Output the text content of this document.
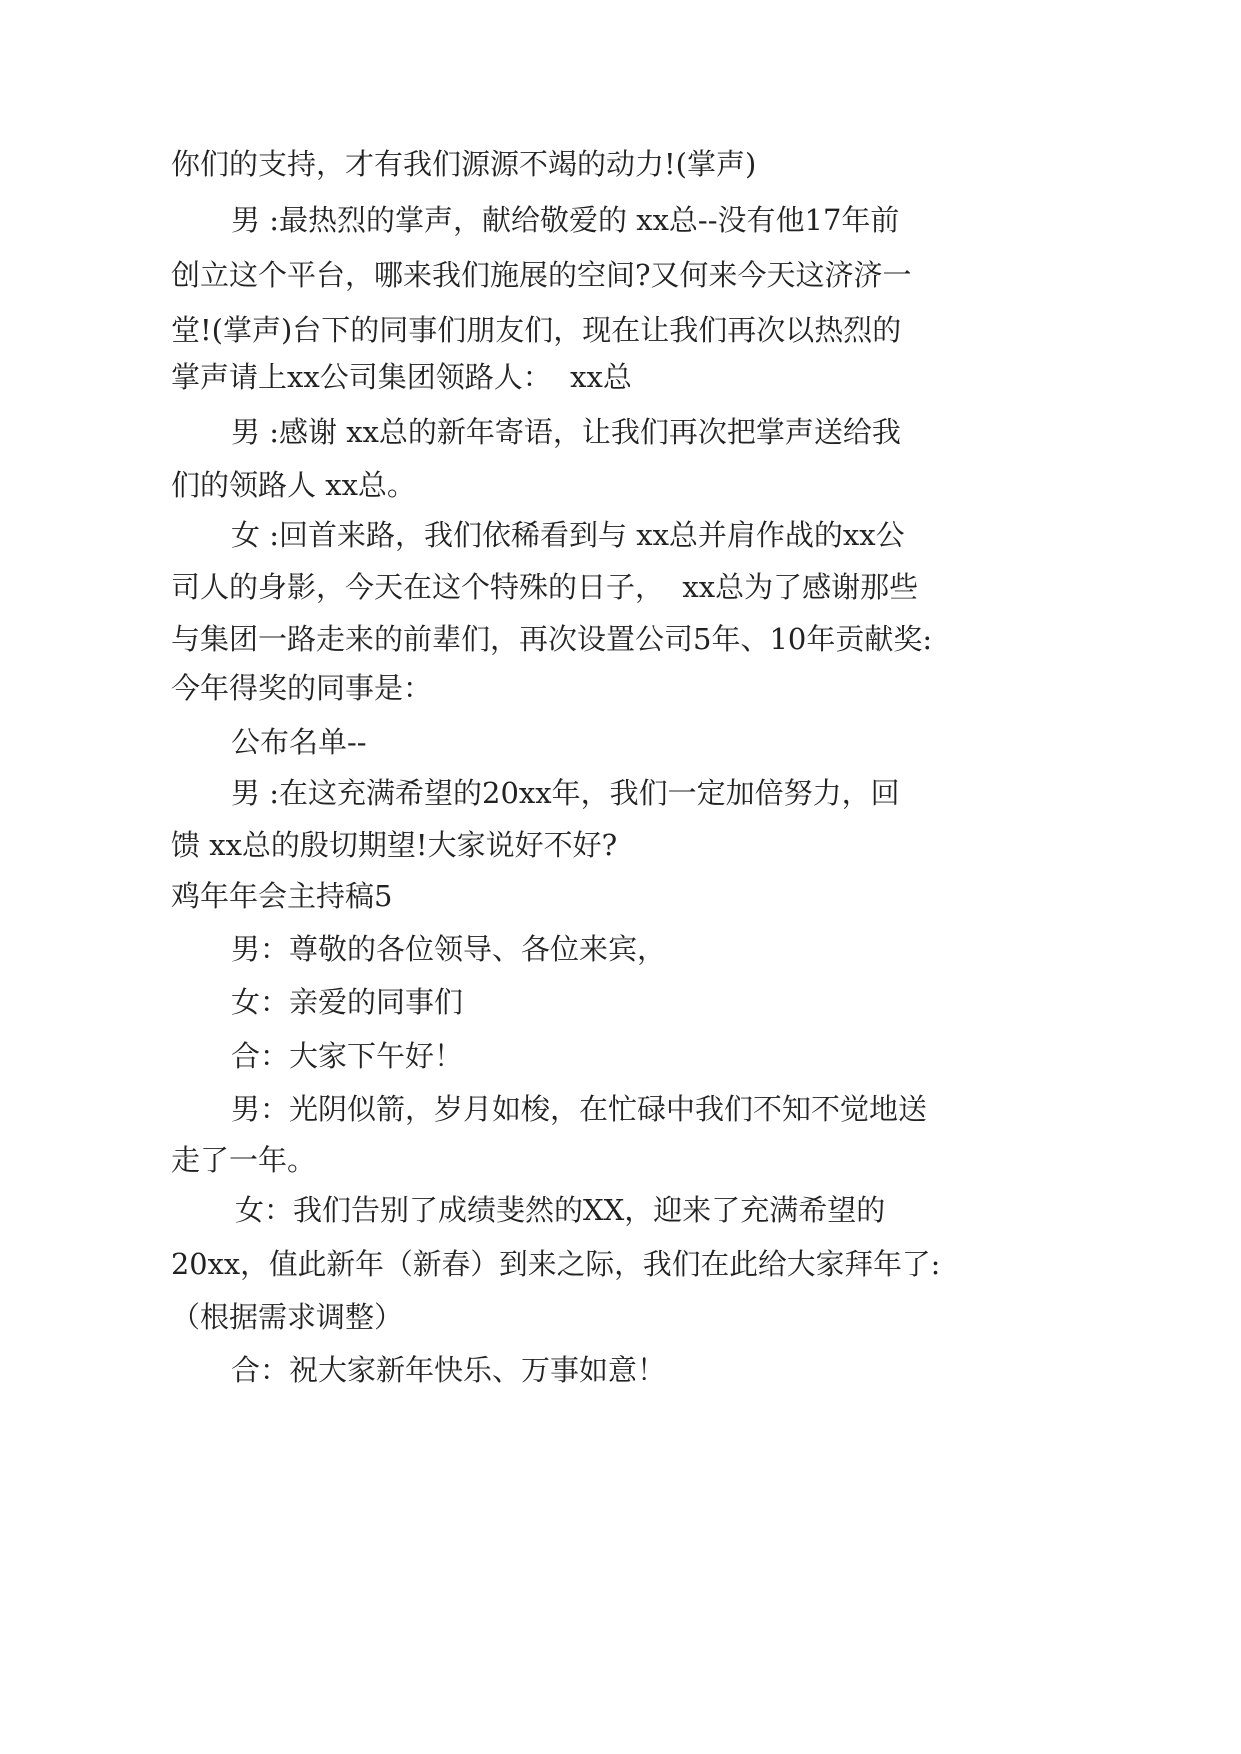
你们的支持，才有我们源源不竭的动力!(掌声)

男 :最热烈的掌声，献给敬爱的 xx总--没有他17年前

创立这个平台，哪来我们施展的空间?又何来今天这济济一

堂!(掌声)台下的同事们朋友们，现在让我们再次以热烈的

掌声请上xx公司集团领路人：  xx总

男 :感谢 xx总的新年寄语，让我们再次把掌声送给我

们的领路人 xx总。

女 :回首来路，我们依稀看到与 xx总并肩作战的xx公

司人的身影，今天在这个特殊的日子，  xx总为了感谢那些

与集团一路走来的前辈们，再次设置公司5年、10年贡献奖:

今年得奖的同事是：

公布名单--

男 :在这充满希望的20xx年，我们一定加倍努力，回

馈 xx总的殷切期望!大家说好不好?

鸡年年会主持稿5

男：尊敬的各位领导、各位来宾，

女：亲爱的同事们

合：大家下午好！

男：光阴似箭，岁月如梭，在忙碌中我们不知不觉地送

走了一年。

女：我们告别了成绩斐然的XX，迎来了充满希望的

20xx，值此新年（新春）到来之际，我们在此给大家拜年了:

（根据需求调整）

合：祝大家新年快乐、万事如意！
